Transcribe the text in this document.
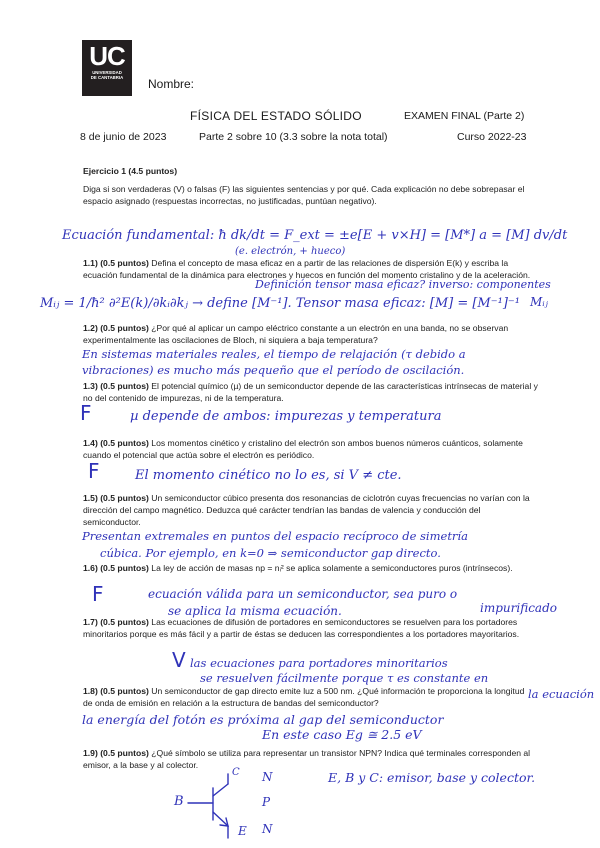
UC
UNIVERSIDAD
DE CANTABRIA	Nombre:
FÍSICA DEL ESTADO SÓLIDO	EXAMEN FINAL (Parte 2)
8 de junio de 2023	Parte 2 sobre 10 (3.3 sobre la nota total)	Curso 2022-23
Ejercicio 1 (4.5 puntos)
Diga si son verdaderas (V) o falsas (F) las siguientes sentencias y por qué. Cada explicación no debe sobrepasar el espacio asignado (respuestas incorrectas, no justificadas, puntúan negativo).
Ecuación fundamental: ħ dk/dt = F_ext = ±e[E + v×H] = [M*] a = [M] dv/dt
(e. electrón, + hueco)
1.1) (0.5 puntos) Defina el concepto de masa eficaz en a partir de las relaciones de dispersión E(k) y escriba la ecuación fundamental de la dinámica para electrones y huecos en función del momento cristalino y de la aceleración.
Definición tensor masa eficaz? inverso: componentes
Mᵢⱼ = 1/ħ² ∂²E(k)/∂kᵢ∂kⱼ → define [M⁻¹]. Tensor masa eficaz: [M] = [M⁻¹]⁻¹ Mᵢⱼ
1.2) (0.5 puntos) ¿Por qué al aplicar un campo eléctrico constante a un electrón en una banda, no se observan experimentalmente las oscilaciones de Bloch, ni siquiera a baja temperatura?
En sistemas materiales reales, el tiempo de relajación (τ debido a
vibraciones) es mucho más pequeño que el período de oscilación.
1.3) (0.5 puntos) El potencial químico (µ) de un semiconductor depende de las características intrínsecas de material y no del contenido de impurezas, ni de la temperatura.
F	µ depende de ambos: impurezas y temperatura
1.4) (0.5 puntos) Los momentos cinético y cristalino del electrón son ambos buenos números cuánticos, solamente cuando el potencial que actúa sobre el electrón es periódico.
F	El momento cinético no lo es, si V ≠ cte.
1.5) (0.5 puntos) Un semiconductor cúbico presenta dos resonancias de ciclotrón cuyas frecuencias no varían con la dirección del campo magnético. Deduzca qué carácter tendrían las bandas de valencia y conducción del semiconductor.
Presentan extremales en puntos del espacio recíproco de simetría
cúbica. Por ejemplo, en k=0 ⇒ semiconductor gap directo.
1.6) (0.5 puntos) La ley de acción de masas np = nᵢ² se aplica solamente a semiconductores puros (intrínsecos).
F	ecuación válida para un semiconductor, sea puro o
se aplica la misma ecuación.	impurificado
1.7) (0.5 puntos) Las ecuaciones de difusión de portadores en semiconductores se resuelven para los portadores minoritarios porque es más fácil y a partir de éstas se deducen las correspondientes a los portadores mayoritarios.
V las ecuaciones para portadores minoritarios
se resuelven fácilmente porque τ es constante en
la ecuación
1.8) (0.5 puntos) Un semiconductor de gap directo emite luz a 500 nm. ¿Qué información te proporciona la longitud de onda de emisión en relación a la estructura de bandas del semiconductor?
la energía del fotón es próxima al gap del semiconductor
En este caso Eg ≅ 2.5 eV
1.9) (0.5 puntos) ¿Qué símbolo se utiliza para representar un transistor NPN? Indica qué terminales corresponden al emisor, a la base y al colector.
E, B y C: emisor, base y colector.
C
B
E
N
P
N
